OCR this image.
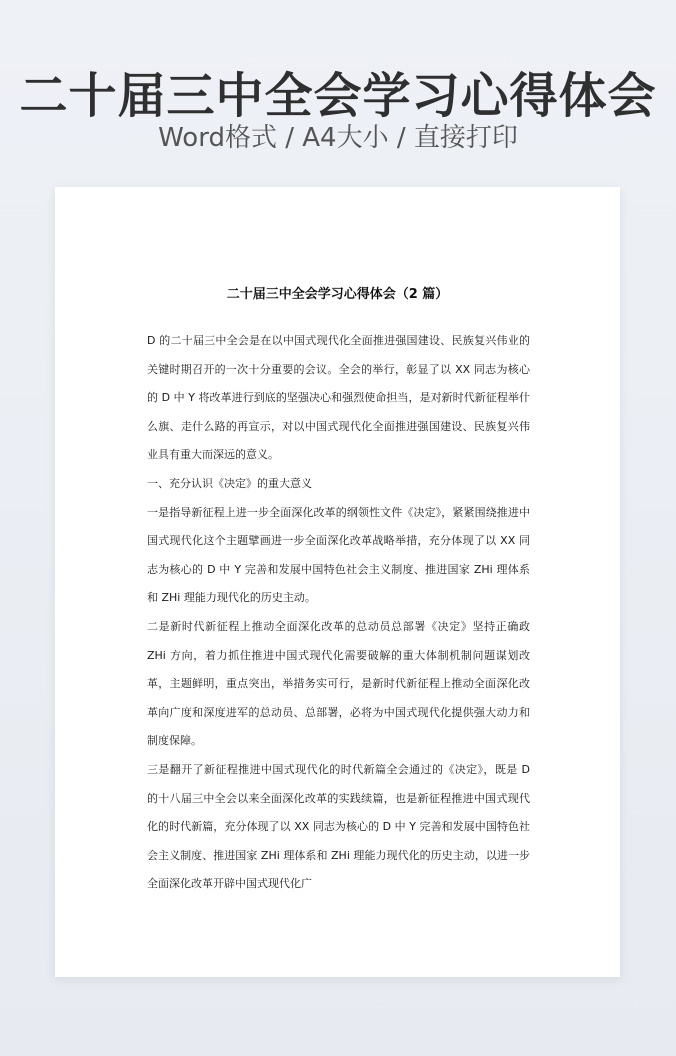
二十届三中全会学习心得体会
Word格式 / A4大小 / 直接打印
二十届三中全会学习心得体会（2 篇）

D 的二十届三中全会是在以中国式现代化全面推进强国建设、民族复兴伟业的关键时期召开的一次十分重要的会议。全会的举行，彰显了以 XX 同志为核心的 D 中 Y 将改革进行到底的坚强决心和强烈使命担当，是对新时代新征程举什么旗、走什么路的再宣示，对以中国式现代化全面推进强国建设、民族复兴伟业具有重大而深远的意义。

一、充分认识《决定》的重大意义

一是指导新征程上进一步全面深化改革的纲领性文件《决定》，紧紧围绕推进中国式现代化这个主题擘画进一步全面深化改革战略举措，充分体现了以 XX 同志为核心的 D 中 Y 完善和发展中国特色社会主义制度、推进国家 ZHi 理体系和 ZHi 理能力现代化的历史主动。

二是新时代新征程上推动全面深化改革的总动员总部署《决定》坚持正确政 ZHi 方向，着力抓住推进中国式现代化需要破解的重大体制机制问题谋划改革，主题鲜明，重点突出，举措务实可行，是新时代新征程上推动全面深化改革向广度和深度进军的总动员、总部署，必将为中国式现代化提供强大动力和制度保障。

三是翻开了新征程推进中国式现代化的时代新篇全会通过的《决定》，既是 D 的十八届三中全会以来全面深化改革的实践续篇，也是新征程推进中国式现代化的时代新篇，充分体现了以 XX 同志为核心的 D 中 Y 完善和发展中国特色社会主义制度、推进国家 ZHi 理体系和 ZHi 理能力现代化的历史主动，以进一步全面深化改革开辟中国式现代化广
